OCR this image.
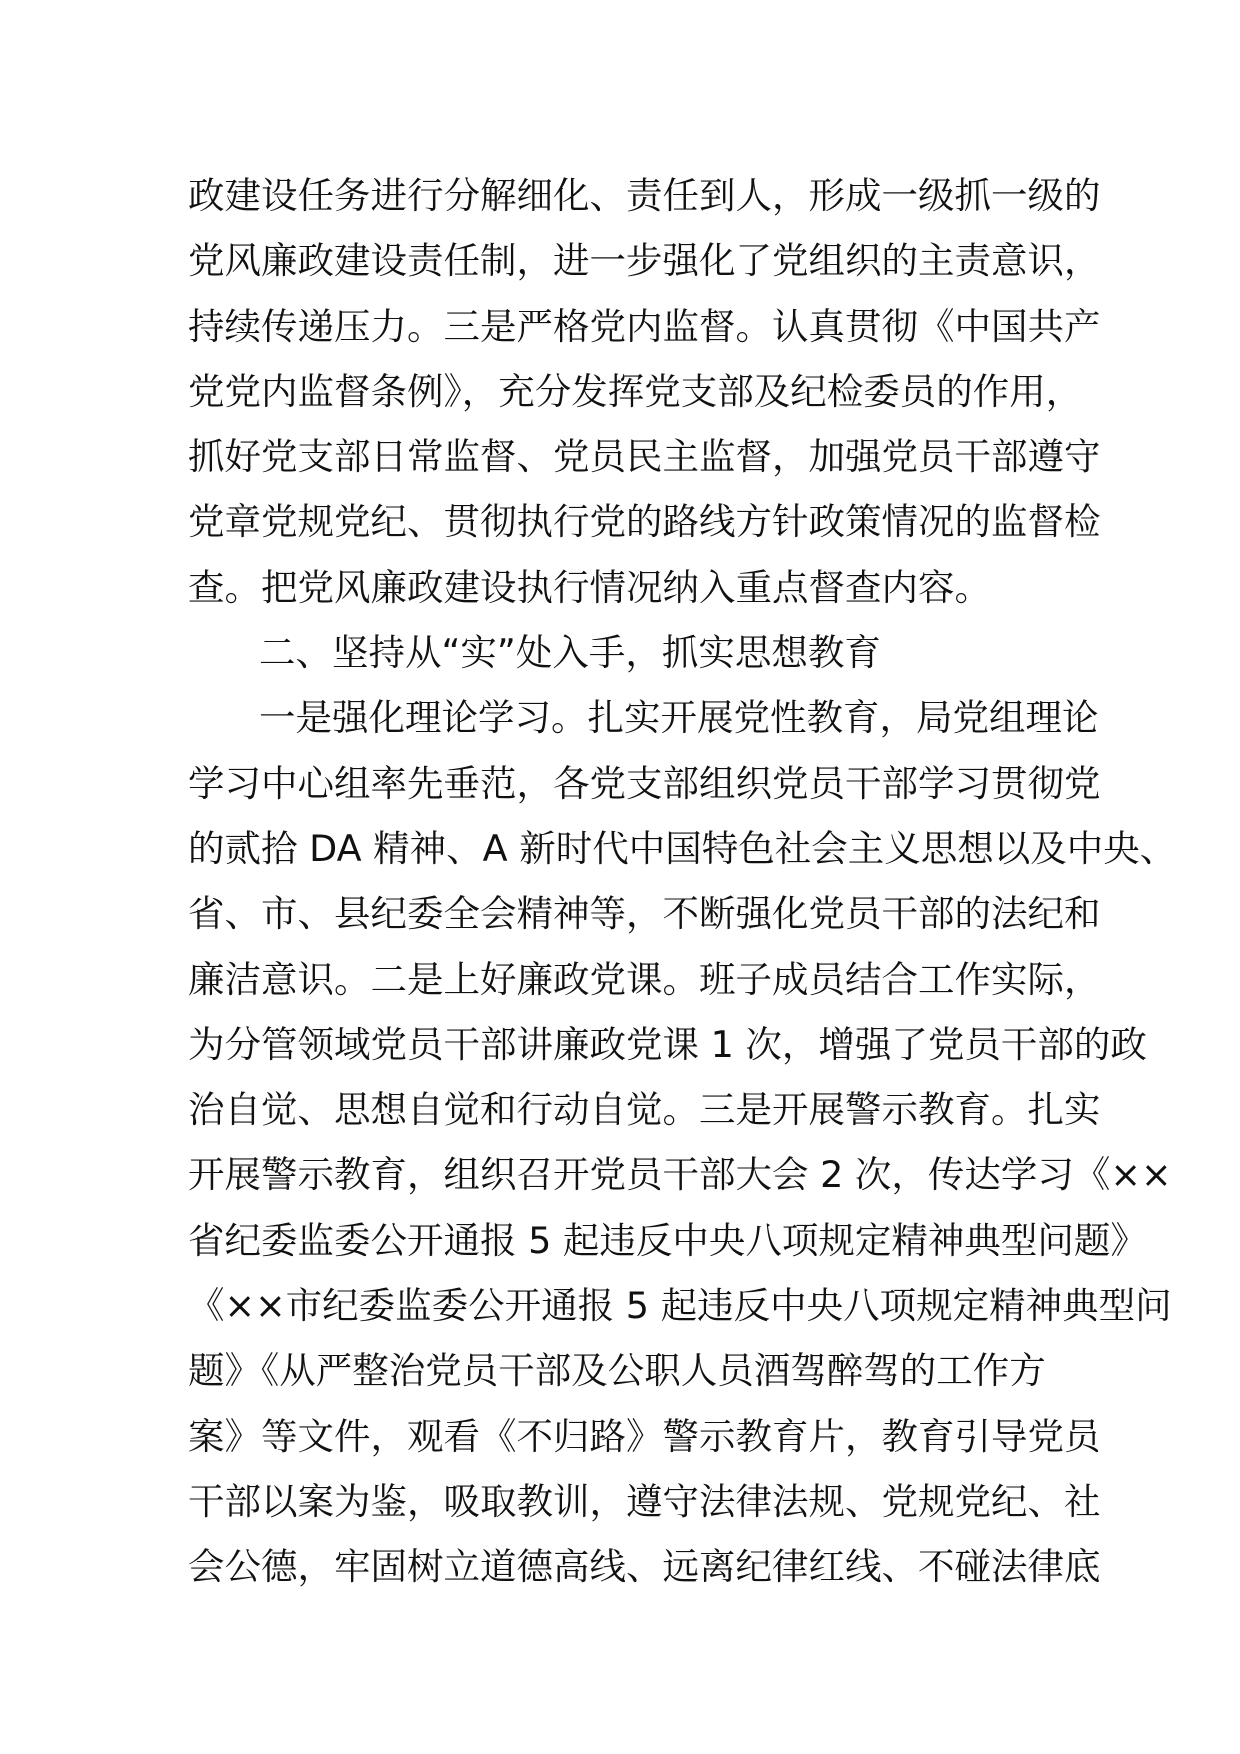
政建设任务进行分解细化、责任到人，形成一级抓一级的
党风廉政建设责任制，进一步强化了党组织的主责意识，
持续传递压力。三是严格党内监督。认真贯彻《中国共产
党党内监督条例》，充分发挥党支部及纪检委员的作用，
抓好党支部日常监督、党员民主监督，加强党员干部遵守
党章党规党纪、贯彻执行党的路线方针政策情况的监督检
查。把党风廉政建设执行情况纳入重点督查内容。
二、坚持从“实”处入手，抓实思想教育
一是强化理论学习。扎实开展党性教育，局党组理论
学习中心组率先垂范，各党支部组织党员干部学习贯彻党
的贰拾 DA 精神、A 新时代中国特色社会主义思想以及中央、
省、市、县纪委全会精神等，不断强化党员干部的法纪和
廉洁意识。二是上好廉政党课。班子成员结合工作实际，
为分管领域党员干部讲廉政党课 1 次，增强了党员干部的政
治自觉、思想自觉和行动自觉。三是开展警示教育。扎实
开展警示教育，组织召开党员干部大会 2 次，传达学习《××
省纪委监委公开通报 5 起违反中央八项规定精神典型问题》
《××市纪委监委公开通报 5 起违反中央八项规定精神典型问
题》《从严整治党员干部及公职人员酒驾醉驾的工作方
案》等文件，观看《不归路》警示教育片，教育引导党员
干部以案为鉴，吸取教训，遵守法律法规、党规党纪、社
会公德，牢固树立道德高线、远离纪律红线、不碰法律底
